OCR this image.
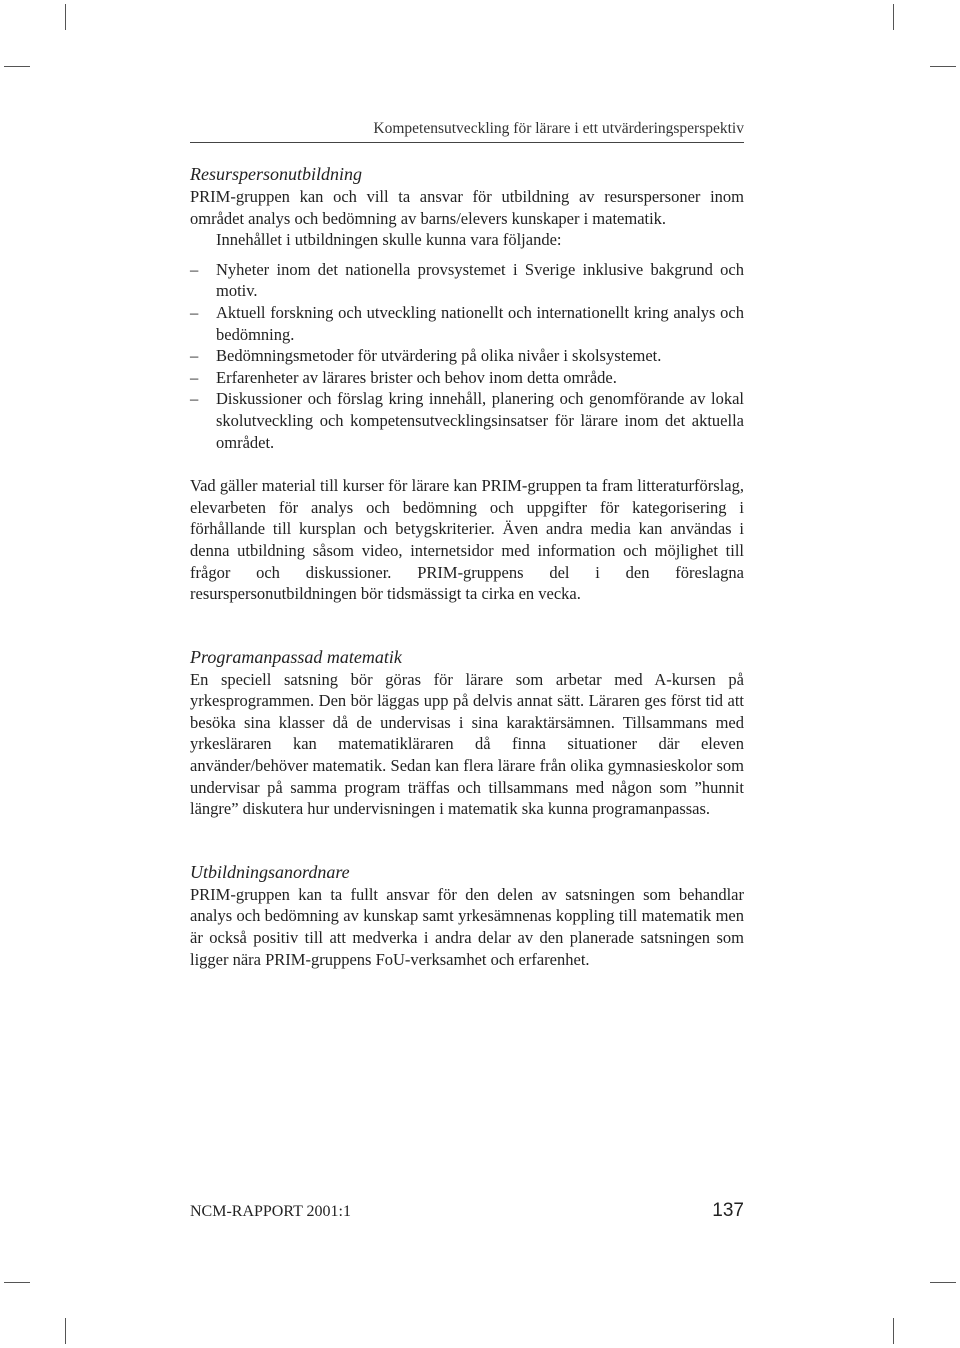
Kompetensutveckling för lärare i ett utvärderingsperspektiv
Resurspersonutbildning

PRIM-gruppen kan och vill ta ansvar för utbildning av resurspersoner inom området analys och bedömning av barns/elevers kunskaper i matematik.

Innehållet i utbildningen skulle kunna vara följande:

– Nyheter inom det nationella provsystemet i Sverige inklusive bakgrund och motiv.
– Aktuell forskning och utveckling nationellt och internationellt kring analys och bedömning.
– Bedömningsmetoder för utvärdering på olika nivåer i skolsystemet.
– Erfarenheter av lärares brister och behov inom detta område.
– Diskussioner och förslag kring innehåll, planering och genomförande av lokal skolutveckling och kompetensutvecklingsinsatser för lärare inom det aktuella området.

Vad gäller material till kurser för lärare kan PRIM-gruppen ta fram litteraturförslag, elevarbeten för analys och bedömning och uppgifter för kategorisering i förhållande till kursplan och betygskriterier. Även andra media kan användas i denna utbildning såsom video, internetsidor med information och möjlighet till frågor och diskussioner. PRIM-gruppens del i den föreslagna resurspersonutbildningen bör tidsmässigt ta cirka en vecka.

Programanpassad matematik

En speciell satsning bör göras för lärare som arbetar med A-kursen på yrkesprogrammen. Den bör läggas upp på delvis annat sätt. Läraren ges först tid att besöka sina klasser då de undervisas i sina karaktärsämnen. Tillsammans med yrkesläraren kan matematikläraren då finna situationer där eleven använder/behöver matematik. Sedan kan flera lärare från olika gymnasieskolor som undervisar på samma program träffas och tillsammans med någon som ”hunnit längre” diskutera hur undervisningen i matematik ska kunna programanpassas.

Utbildningsanordnare

PRIM-gruppen kan ta fullt ansvar för den delen av satsningen som behandlar analys och bedömning av kunskap samt yrkesämnenas koppling till matematik men är också positiv till att medverka i andra delar av den planerade satsningen som ligger nära PRIM-gruppens FoU-verksamhet och erfarenhet.

NCM-RAPPORT 2001:1	137
